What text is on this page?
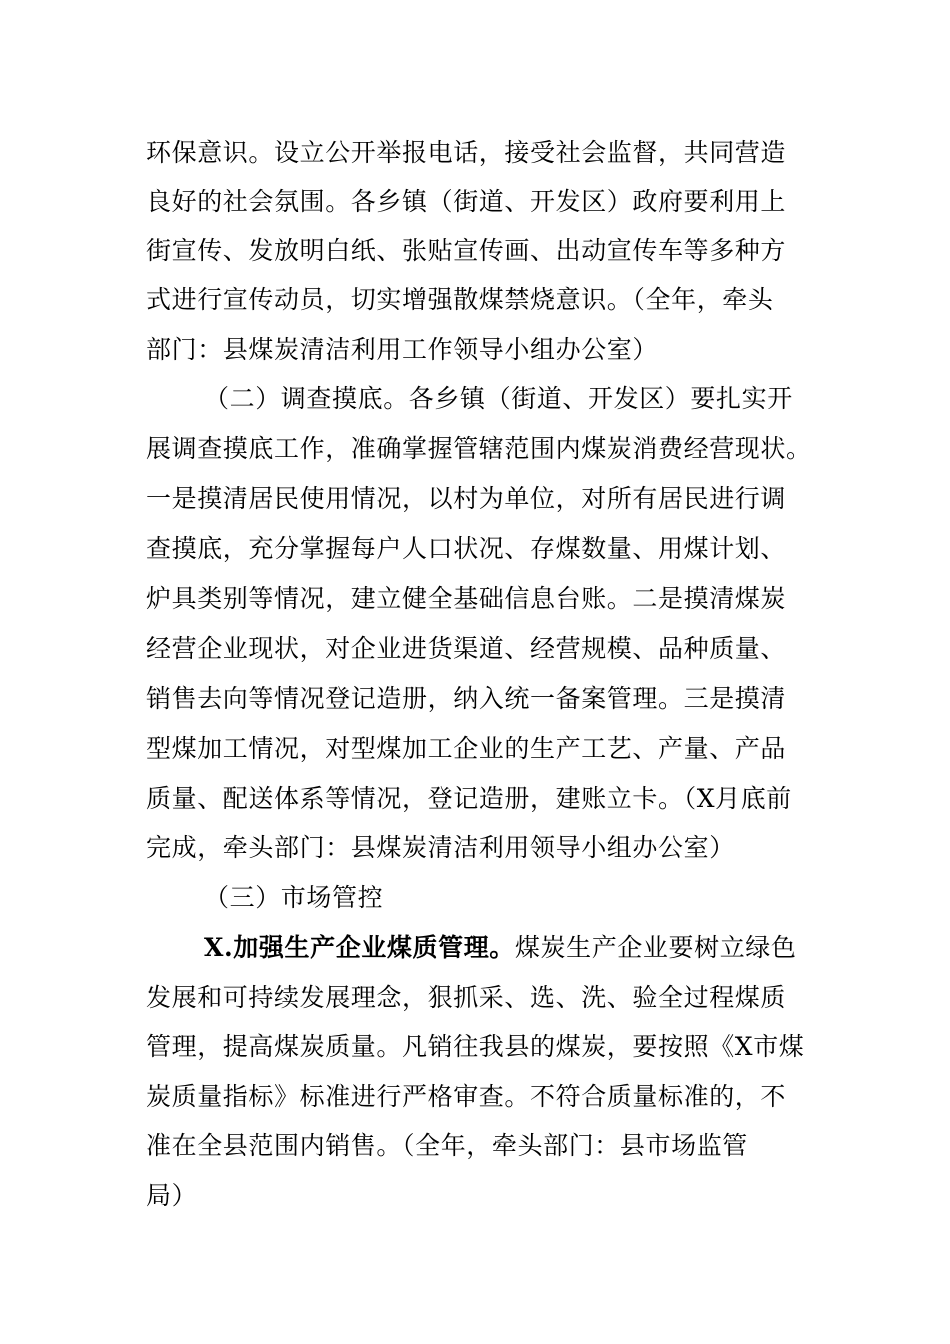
环保意识。设立公开举报电话，接受社会监督，共同营造
良好的社会氛围。各乡镇（街道、开发区）政府要利用上
街宣传、发放明白纸、张贴宣传画、出动宣传车等多种方
式进行宣传动员，切实增强散煤禁烧意识。（全年，牵头
部门：县煤炭清洁利用工作领导小组办公室）
（二）调查摸底。各乡镇（街道、开发区）要扎实开
展调查摸底工作，准确掌握管辖范围内煤炭消费经营现状。
一是摸清居民使用情况，以村为单位，对所有居民进行调
查摸底，充分掌握每户人口状况、存煤数量、用煤计划、
炉具类别等情况，建立健全基础信息台账。二是摸清煤炭
经营企业现状，对企业进货渠道、经营规模、品种质量、
销售去向等情况登记造册，纳入统一备案管理。三是摸清
型煤加工情况，对型煤加工企业的生产工艺、产量、产品
质量、配送体系等情况，登记造册，建账立卡。（X月底前
完成，牵头部门：县煤炭清洁利用领导小组办公室）
（三）市场管控
X.加强生产企业煤质管理。煤炭生产企业要树立绿色
发展和可持续发展理念，狠抓采、选、洗、验全过程煤质
管理，提高煤炭质量。凡销往我县的煤炭，要按照《X市煤
炭质量指标》标准进行严格审查。不符合质量标准的，不
准在全县范围内销售。（全年，牵头部门：县市场监管
局）
